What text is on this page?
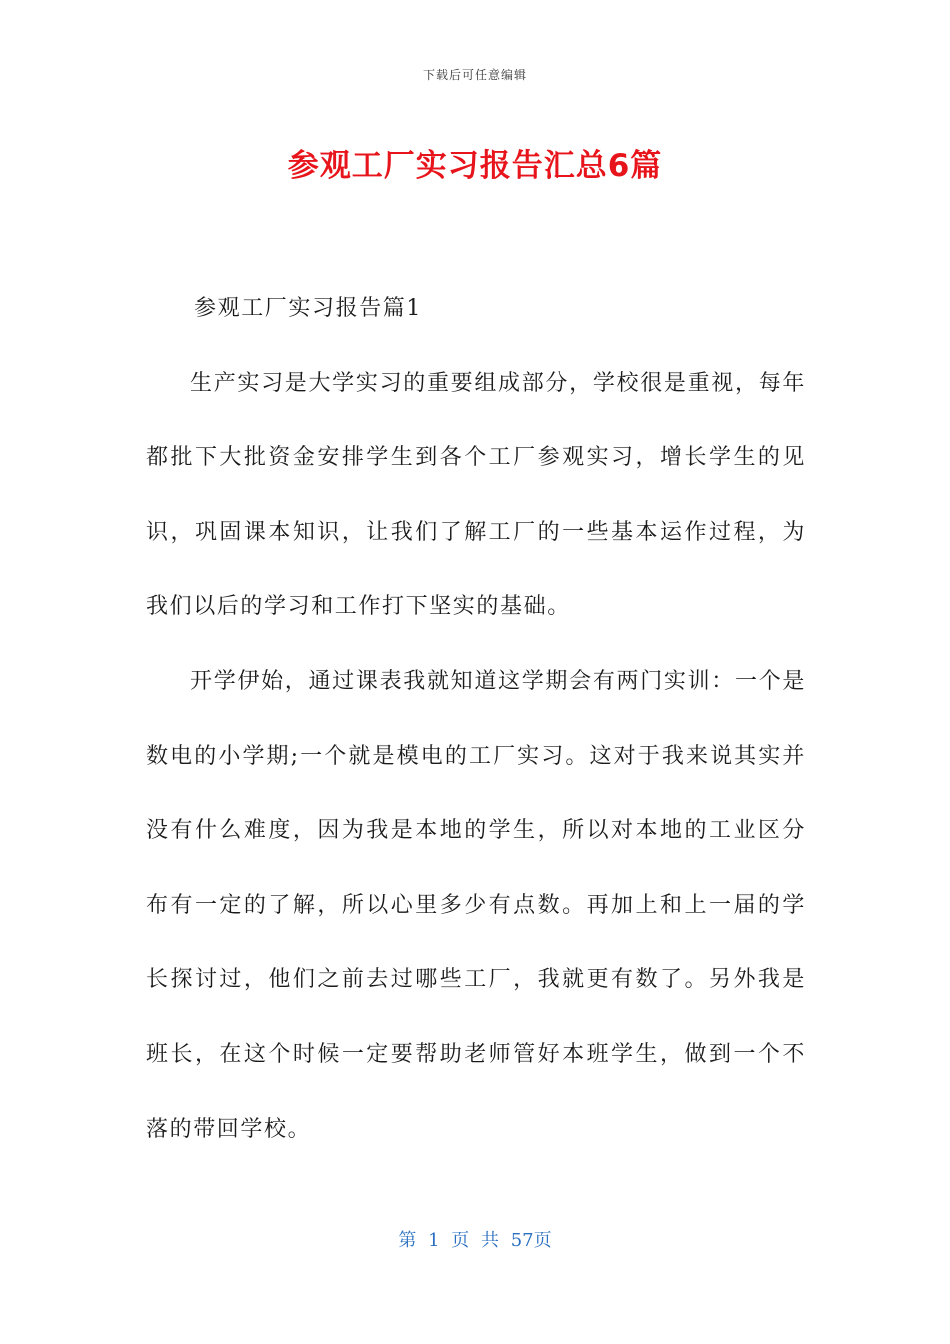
下载后可任意编辑
参观工厂实习报告汇总6篇
参观工厂实习报告篇1

生产实习是大学实习的重要组成部分，学校很是重视，每年都批下大批资金安排学生到各个工厂参观实习，增长学生的见识，巩固课本知识，让我们了解工厂的一些基本运作过程，为我们以后的学习和工作打下坚实的基础。

开学伊始，通过课表我就知道这学期会有两门实训：一个是数电的小学期;一个就是模电的工厂实习。这对于我来说其实并没有什么难度，因为我是本地的学生，所以对本地的工业区分布有一定的了解，所以心里多少有点数。再加上和上一届的学长探讨过，他们之前去过哪些工厂，我就更有数了。另外我是班长，在这个时候一定要帮助老师管好本班学生，做到一个不落的带回学校。

第 1 页 共 57页
